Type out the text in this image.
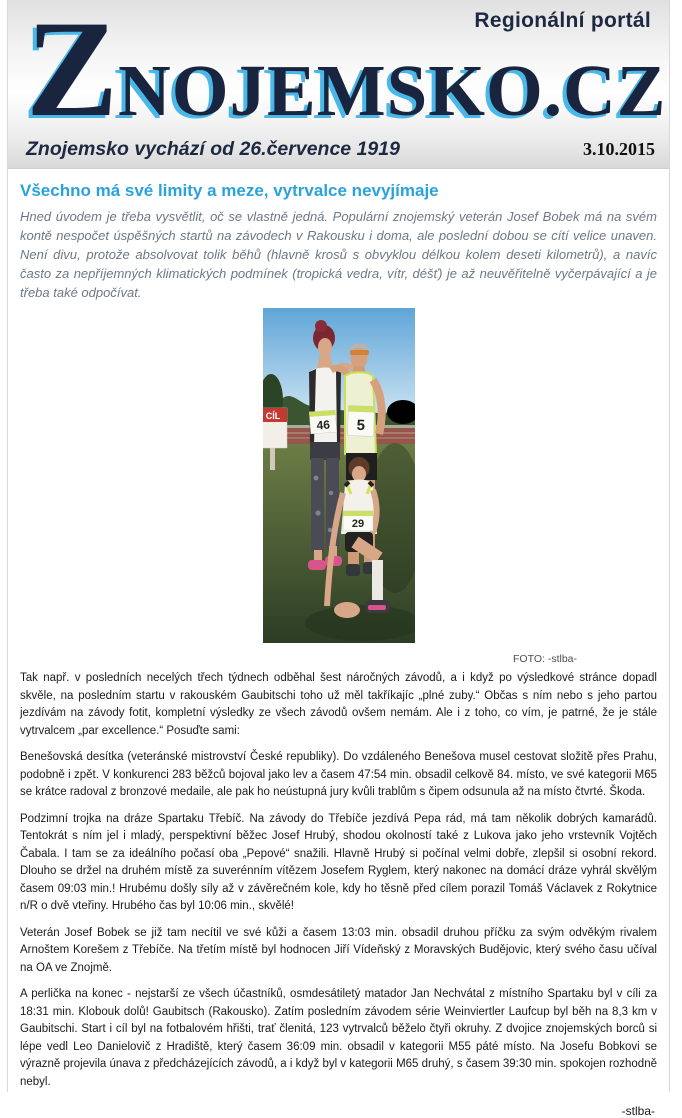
Regionální portál
ZNOJEMSKO.CZ
Znojemsko vychází od 26.července 1919	3.10.2015
Všechno má své limity a meze, vytrvalce nevyjímaje

Hned úvodem je třeba vysvětlit, oč se vlastně jedná. Populární znojemský veterán Josef Bobek má na svém kontě nespočet úspěšných startů na závodech v Rakousku i doma, ale poslední dobou se cítí velice unaven. Není divu, protože absolvovat tolik běhů (hlavně krosů s obvyklou délkou kolem deseti kilometrů), a navíc často za nepříjemných klimatických podmínek (tropická vedra, vítr, déšť) je až neuvěřitelně vyčerpávající a je třeba také odpočívat.

CÍL
46 5
29
FOTO: -stlba-

Tak např. v posledních necelých třech týdnech odběhal šest náročných závodů, a i když po výsledkové stránce dopadl skvěle, na posledním startu v rakouském Gaubitschi toho už měl takříkajíc „plné zuby.“ Občas s ním nebo s jeho partou jezdívám na závody fotit, kompletní výsledky ze všech závodů ovšem nemám. Ale i z toho, co vím, je patrné, že je stále vytrvalcem „par excellence.“ Posuďte sami:

Benešovská desítka (veteránské mistrovství České republiky). Do vzdáleného Benešova musel cestovat složitě přes Prahu, podobně i zpět. V konkurenci 283 běžců bojoval jako lev a časem 47:54 min. obsadil celkově 84. místo, ve své kategorii M65 se krátce radoval z bronzové medaile, ale pak ho neústupná jury kvůli trablům s čipem odsunula až na místo čtvrté. Škoda.

Podzimní trojka na dráze Spartaku Třebíč. Na závody do Třebíče jezdívá Pepa rád, má tam několik dobrých kamarádů. Tentokrát s ním jel i mladý, perspektivní běžec Josef Hrubý, shodou okolností také z Lukova jako jeho vrstevník Vojtěch Čabala. I tam se za ideálního počasí oba „Pepové“ snažili. Hlavně Hrubý si počínal velmi dobře, zlepšil si osobní rekord. Dlouho se držel na druhém místě za suverénním vítězem Josefem Ryglem, který nakonec na domácí dráze vyhrál skvělým časem 09:03 min.! Hrubému došly síly až v závěrečném kole, kdy ho těsně před cílem porazil Tomáš Václavek z Rokytnice n/R o dvě vteřiny. Hrubého čas byl 10:06 min., skvělé!

Veterán Josef Bobek se již tam necítil ve své kůži a časem 13:03 min. obsadil druhou příčku za svým odvěkým rivalem Arnoštem Korešem z Třebíče. Na třetím místě byl hodnocen Jiří Vídeňský z Moravských Budějovic, který svého času učíval na OA ve Znojmě.

A perlička na konec - nejstarší ze všech účastníků, osmdesátiletý matador Jan Nechvátal z místního Spartaku byl v cíli za 18:31 min. Klobouk dolů! Gaubitsch (Rakousko). Zatím posledním závodem série Weinviertler Laufcup byl běh na 8,3 km v Gaubitschi. Start i cíl byl na fotbalovém hřišti, trať členitá, 123 vytrvalců běželo čtyři okruhy. Z dvojice znojemských borců si lépe vedl Leo Danielovič z Hradiště, který časem 36:09 min. obsadil v kategorii M55 páté místo. Na Josefu Bobkovi se výrazně projevila únava z předcházejících závodů, a i když byl v kategorii M65 druhý, s časem 39:30 min. spokojen rozhodně nebyl.

-stlba-
